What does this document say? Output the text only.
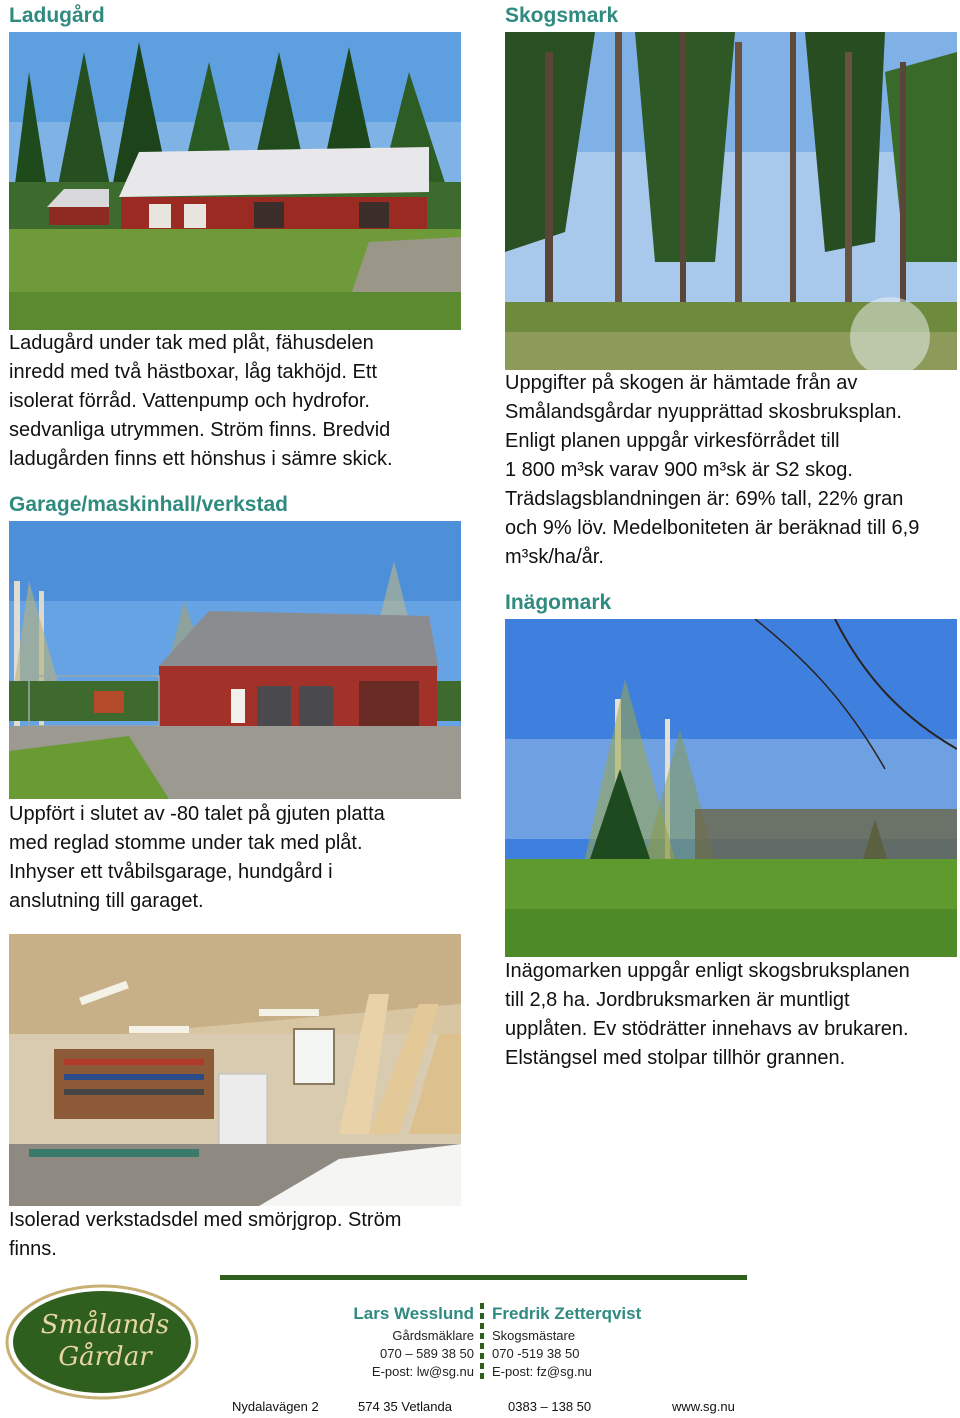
Ladugård

Ladugård under tak med plåt, fähusdelen

inredd med två hästboxar, låg takhöjd. Ett

isolerat förråd. Vattenpump och hydrofor.

sedvanliga utrymmen. Ström finns. Bredvid

ladugården finns ett hönshus i sämre skick.

Garage/maskinhall/verkstad

Uppfört i slutet av -80 talet på gjuten platta

med reglad stomme under tak med plåt.

Inhyser ett tvåbilsgarage, hundgård i

anslutning till garaget.

Isolerad verkstadsdel med smörjgrop. Ström

finns.

Skogsmark

Uppgifter på skogen är hämtade från av

Smålandsgårdar nyupprättad skosbruksplan.

Enligt planen uppgår virkesförrådet till

1 800 m³sk varav 900 m³sk är S2 skog.

Trädslagsblandningen är: 69% tall, 22% gran

och 9% löv. Medelboniteten är beräknad till 6,9

m³sk/ha/år.

Inägomark

Inägomarken uppgår enligt skogsbruksplanen

till 2,8 ha. Jordbruksmarken är muntligt

upplåten. Ev stödrätter innehavs av brukaren.

Elstängsel med stolpar tillhör grannen.

Smålands
Gårdar
Lars Wesslund
Gårdsmäklare
070 – 589 38 50
E-post: lw@sg.nu
Fredrik Zetterqvist
Skogsmästare
070 -519 38 50
E-post: fz@sg.nu
Nydalavägen 2	574 35 Vetlanda	0383 – 138 50	www.sg.nu
